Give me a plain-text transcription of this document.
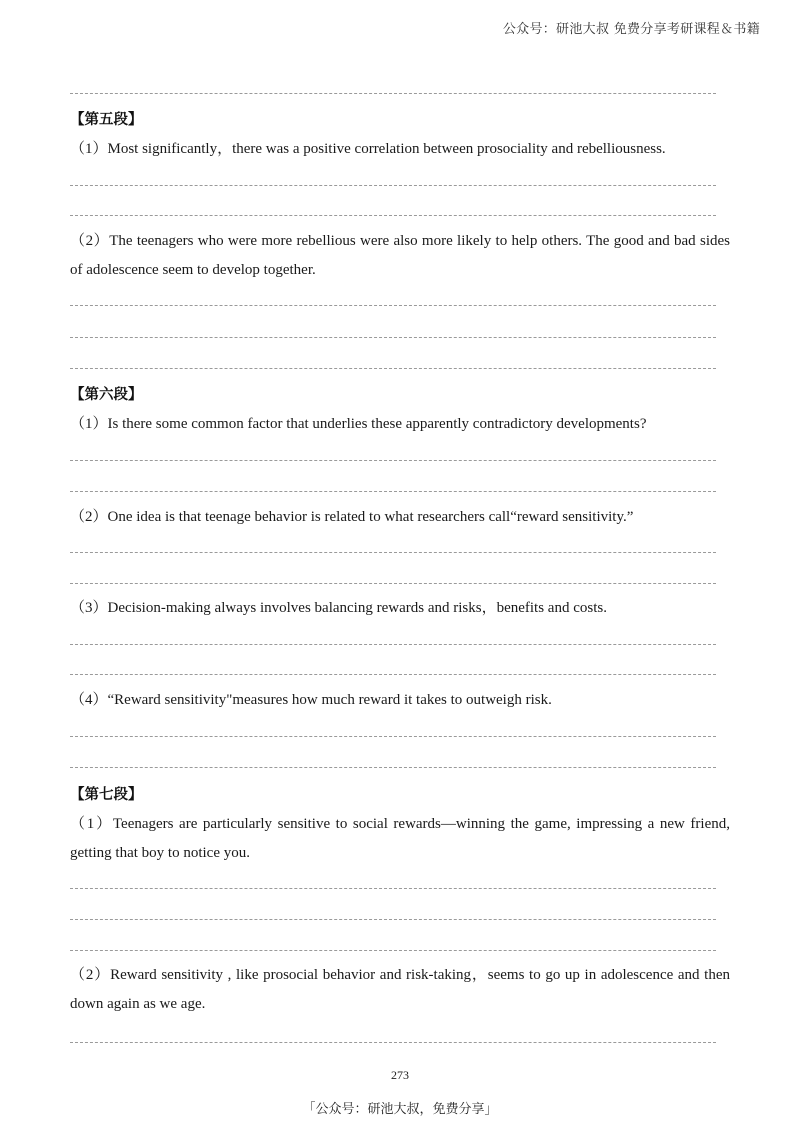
公众号：研池大叔 免费分享考研课程＆书籍
【第五段】
（1）Most significantly，there was a positive correlation between prosociality and rebelliousness.
（2）The teenagers who were more rebellious were also more likely to help others. The good and bad sides of adolescence seem to develop together.
【第六段】
（1）Is there some common factor that underlies these apparently contradictory developments?
（2）One idea is that teenage behavior is related to what researchers call“reward sensitivity.”
（3）Decision-making always involves balancing rewards and risks，benefits and costs.
（4）“Reward sensitivity"measures how much reward it takes to outweigh risk.
【第七段】
（1）Teenagers are particularly sensitive to social rewards—winning the game, impressing a new friend, getting that boy to notice you.
（2）Reward sensitivity , like prosocial behavior and risk-taking，seems to go up in adolescence and then down again as we age.
273
「公众号：研池大叔，免费分享」
